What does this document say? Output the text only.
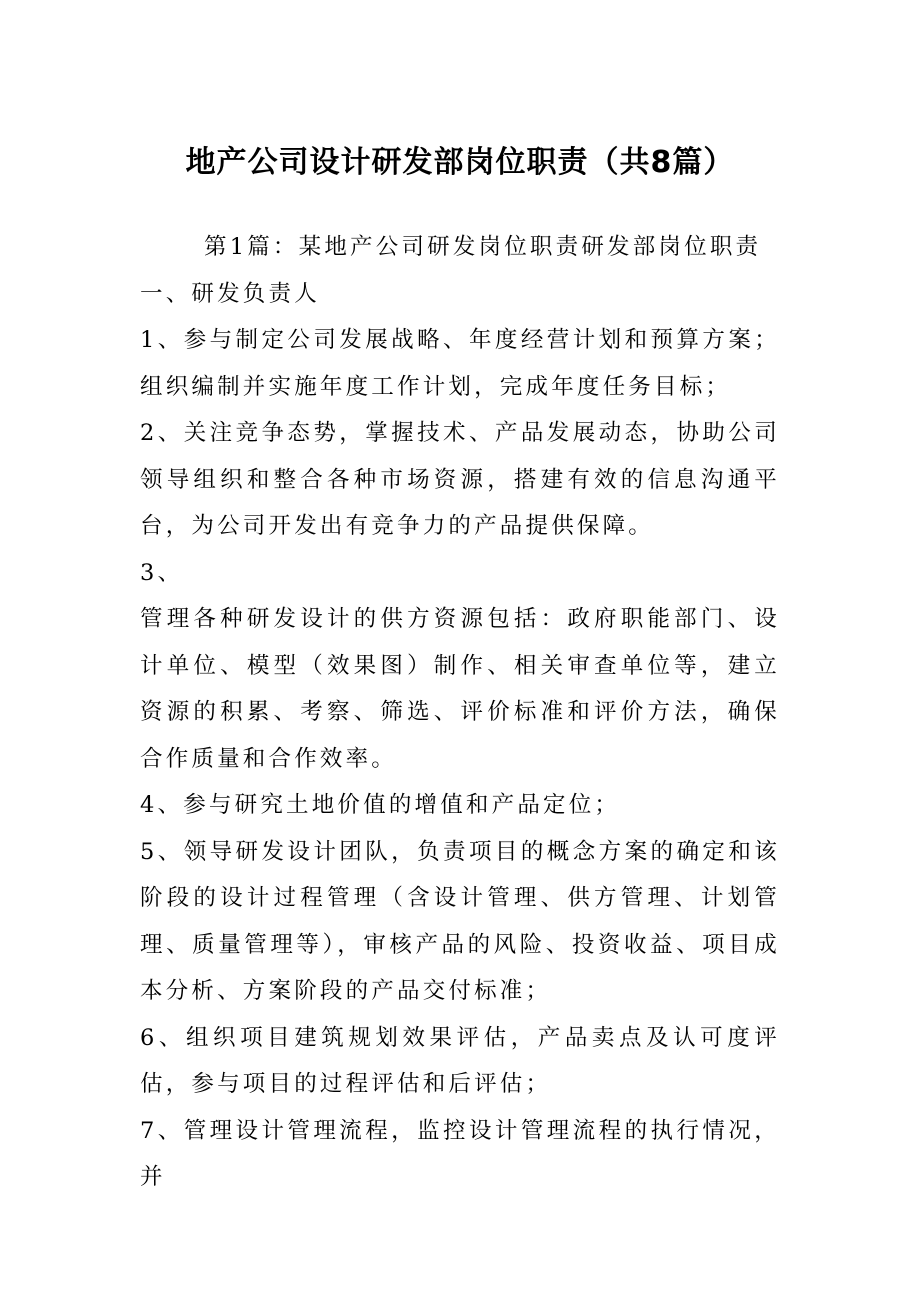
地产公司设计研发部岗位职责（共8篇）

第1篇：某地产公司研发岗位职责研发部岗位职责

一、研发负责人

1、参与制定公司发展战略、年度经营计划和预算方案；组织编制并实施年度工作计划，完成年度任务目标；

2、关注竞争态势，掌握技术、产品发展动态，协助公司领导组织和整合各种市场资源，搭建有效的信息沟通平台，为公司开发出有竞争力的产品提供保障。

3、

管理各种研发设计的供方资源包括：政府职能部门、设计单位、模型（效果图）制作、相关审查单位等，建立资源的积累、考察、筛选、评价标准和评价方法，确保合作质量和合作效率。

4、参与研究土地价值的增值和产品定位；

5、领导研发设计团队，负责项目的概念方案的确定和该阶段的设计过程管理（含设计管理、供方管理、计划管理、质量管理等），审核产品的风险、投资收益、项目成本分析、方案阶段的产品交付标准；

6、组织项目建筑规划效果评估，产品卖点及认可度评估，参与项目的过程评估和后评估；

7、管理设计管理流程，监控设计管理流程的执行情况，并
